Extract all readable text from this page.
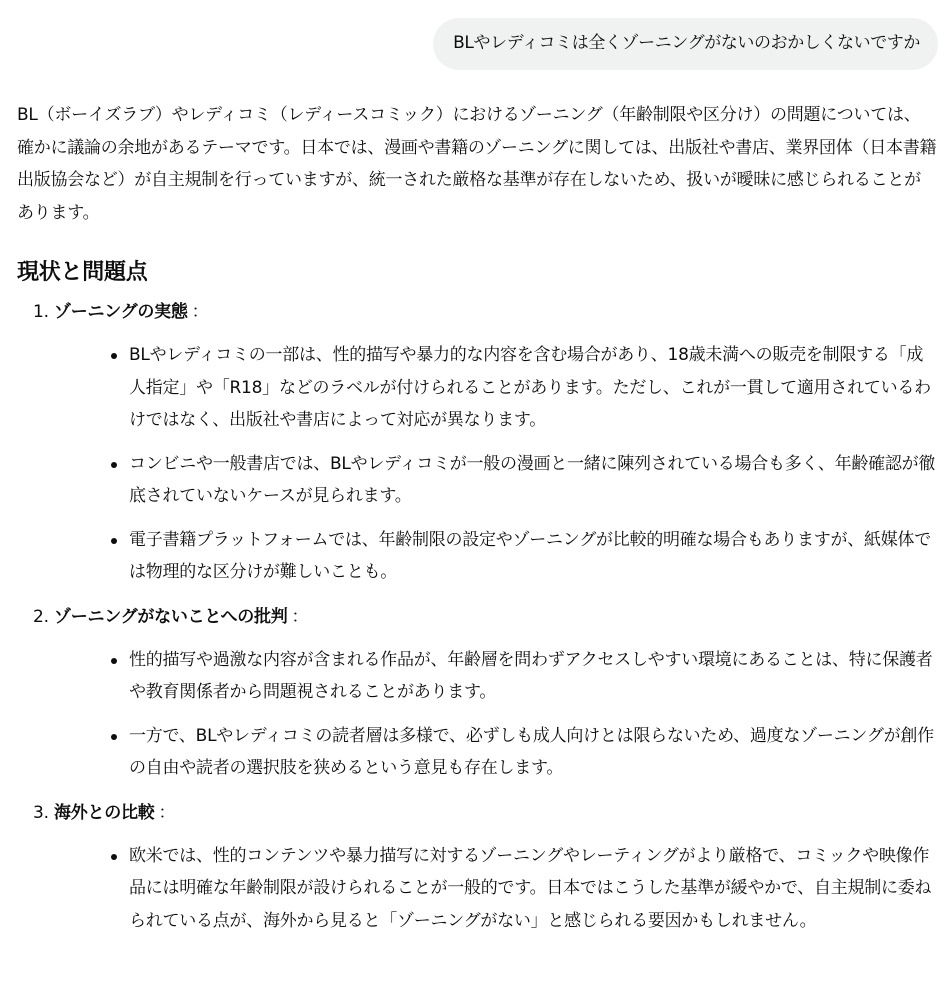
BLやレディコミは全くゾーニングがないのおかしくないですか

BL（ボーイズラブ）やレディコミ（レディースコミック）におけるゾーニング（年齢制限や区分け）の問題については、確かに議論の余地があるテーマです。日本では、漫画や書籍のゾーニングに関しては、出版社や書店、業界団体（日本書籍出版協会など）が自主規制を行っていますが、統一された厳格な基準が存在しないため、扱いが曖昧に感じられることがあります。

現状と問題点
1. ゾーニングの実態 ：
BLやレディコミの一部は、性的描写や暴力的な内容を含む場合があり、18歳未満への販売を制限する「成人指定」や「R18」などのラベルが付けられることがあります。ただし、これが一貫して適用されているわけではなく、出版社や書店によって対応が異なります。
コンビニや一般書店では、BLやレディコミが一般の漫画と一緒に陳列されている場合も多く、年齢確認が徹底されていないケースが見られます。
電子書籍プラットフォームでは、年齢制限の設定やゾーニングが比較的明確な場合もありますが、紙媒体では物理的な区分けが難しいことも。
2. ゾーニングがないことへの批判 ：
性的描写や過激な内容が含まれる作品が、年齢層を問わずアクセスしやすい環境にあることは、特に保護者や教育関係者から問題視されることがあります。
一方で、BLやレディコミの読者層は多様で、必ずしも成人向けとは限らないため、過度なゾーニングが創作の自由や読者の選択肢を狭めるという意見も存在します。
3. 海外との比較 ：
欧米では、性的コンテンツや暴力描写に対するゾーニングやレーティングがより厳格で、コミックや映像作品には明確な年齢制限が設けられることが一般的です。日本ではこうした基準が緩やかで、自主規制に委ねられている点が、海外から見ると「ゾーニングがない」と感じられる要因かもしれません。
